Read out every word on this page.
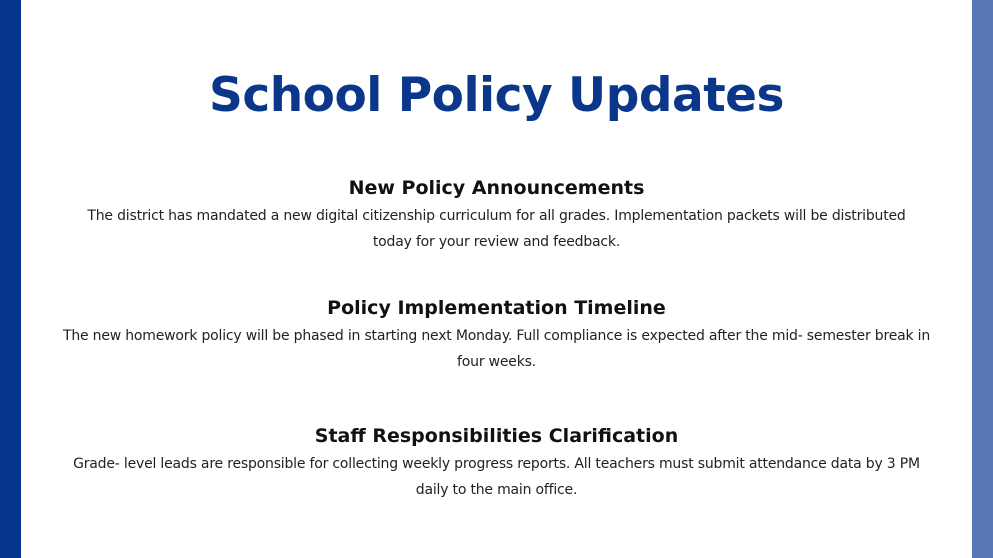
School Policy Updates
New Policy Announcements

The district has mandated a new digital citizenship curriculum for all grades. Implementation packets will be distributed today for your review and feedback.

Policy Implementation Timeline

The new homework policy will be phased in starting next Monday. Full compliance is expected after the mid- semester break in four weeks.

Staff Responsibilities Clarification

Grade- level leads are responsible for collecting weekly progress reports. All teachers must submit attendance data by 3 PM daily to the main office.
